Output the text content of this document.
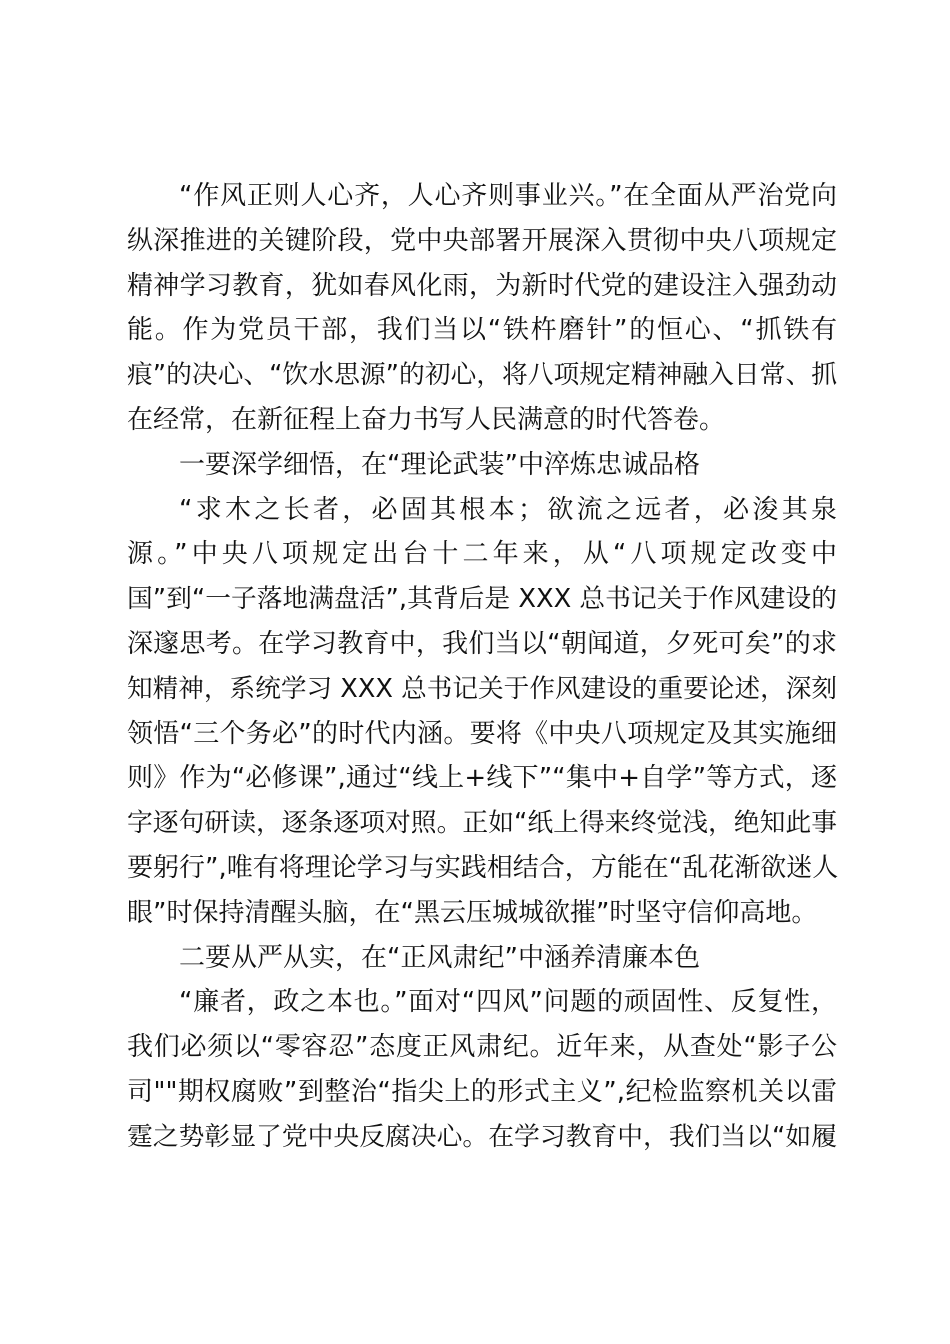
“作风正则人心齐，人心齐则事业兴。”在全面从严治党向
纵深推进的关键阶段，党中央部署开展深入贯彻中央八项规定
精神学习教育，犹如春风化雨，为新时代党的建设注入强劲动
能。作为党员干部，我们当以“铁杵磨针”的恒心、“抓铁有
痕”的决心、“饮水思源”的初心，将八项规定精神融入日常、抓
在经常，在新征程上奋力书写人民满意的时代答卷。
一要深学细悟，在“理论武装”中淬炼忠诚品格
“求木之长者，必固其根本；欲流之远者，必浚其泉
源。”中央八项规定出台十二年来，从“八项规定改变中
国”到“一子落地满盘活”,其背后是 XXX 总书记关于作风建设的
深邃思考。在学习教育中，我们当以“朝闻道，夕死可矣”的求
知精神，系统学习 XXX 总书记关于作风建设的重要论述，深刻
领悟“三个务必”的时代内涵。要将《中央八项规定及其实施细
则》作为“必修课”,通过“线上+线下”“集中+自学”等方式，逐
字逐句研读，逐条逐项对照。正如“纸上得来终觉浅，绝知此事
要躬行”,唯有将理论学习与实践相结合，方能在“乱花渐欲迷人
眼”时保持清醒头脑，在“黑云压城城欲摧”时坚守信仰高地。
二要从严从实，在“正风肃纪”中涵养清廉本色
“廉者，政之本也。”面对“四风”问题的顽固性、反复性，
我们必须以“零容忍”态度正风肃纪。近年来，从查处“影子公
司""期权腐败”到整治“指尖上的形式主义”,纪检监察机关以雷
霆之势彰显了党中央反腐决心。在学习教育中，我们当以“如履
